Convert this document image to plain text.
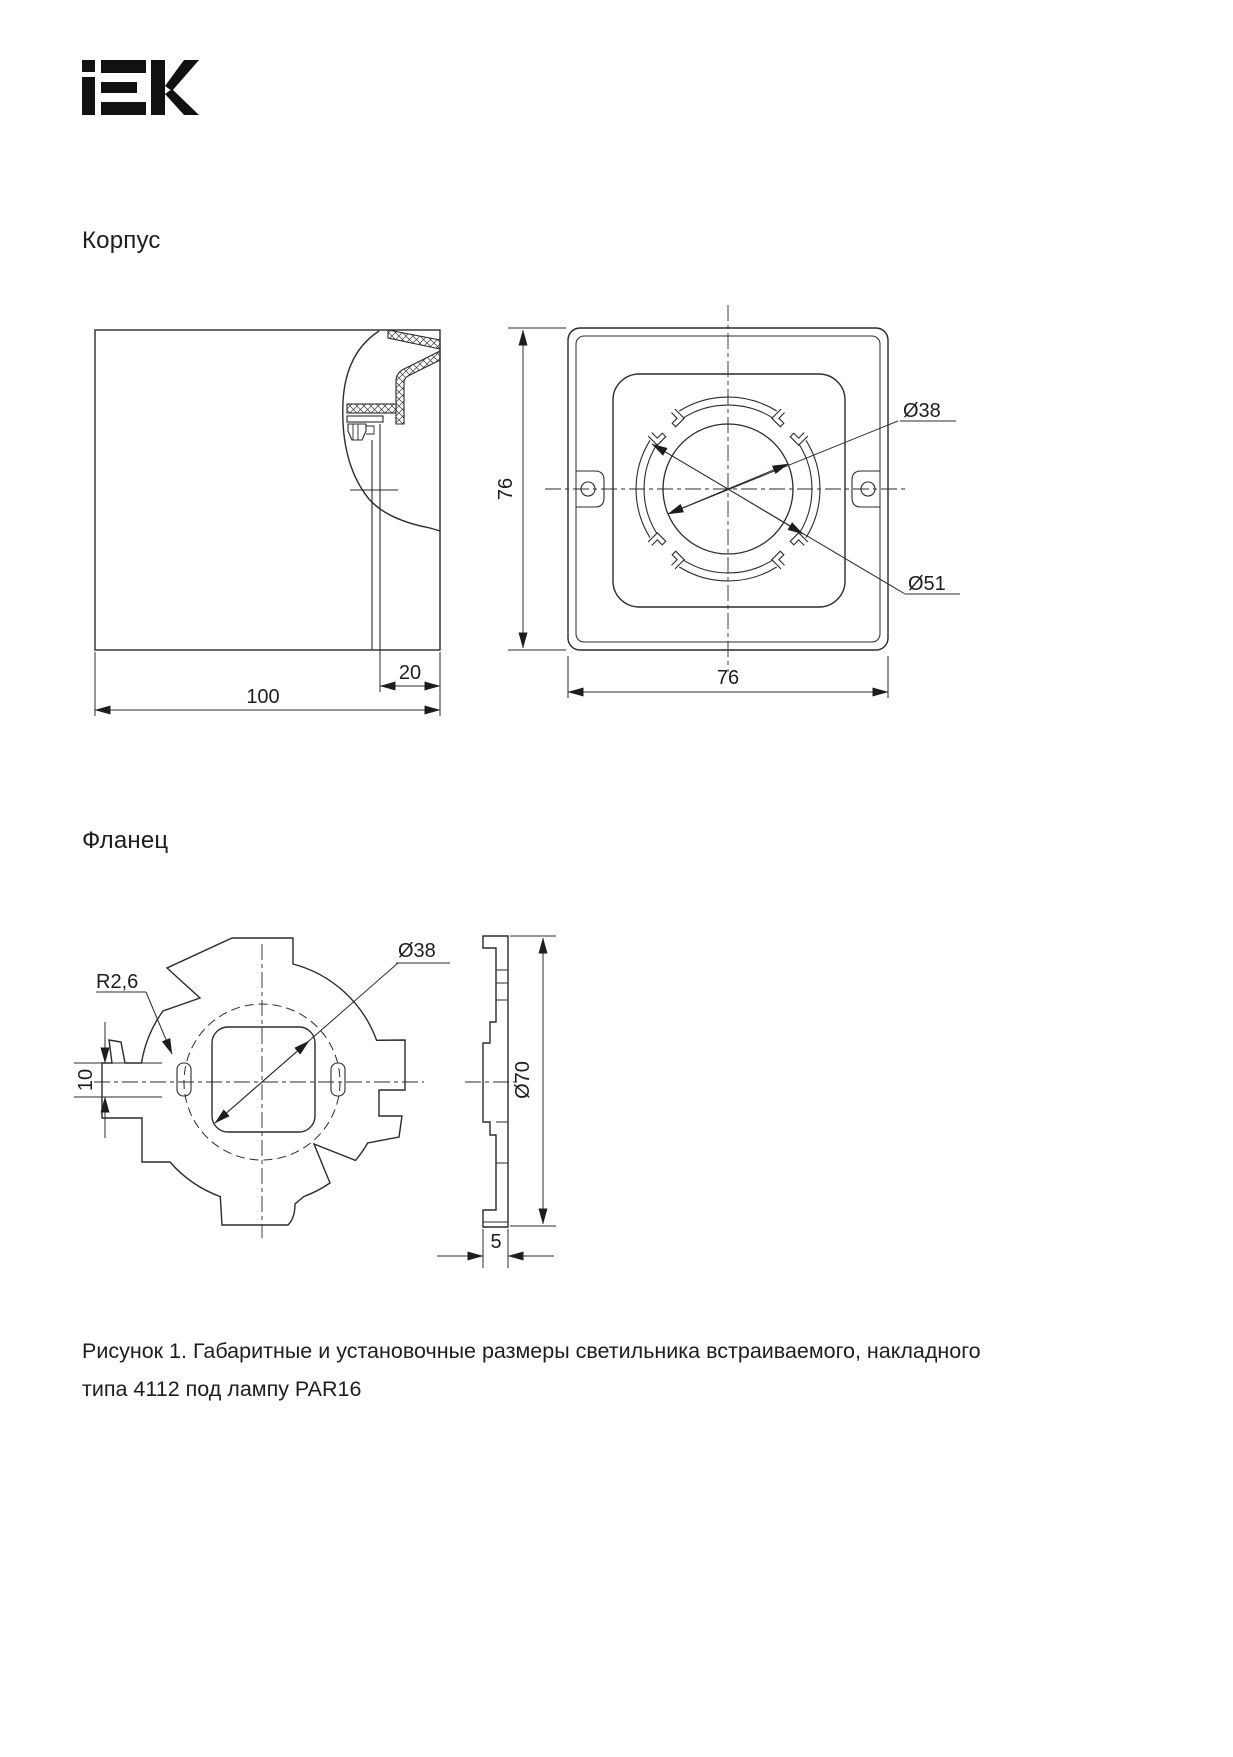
Корпус
Фланец
20
100
Ø38
Ø51
76
76
R2,6
Ø38
10	Ø70
5
Рисунок 1. Габаритные и установочные размеры светильника встраиваемого, накладного
типа 4112 под лампу PAR16
